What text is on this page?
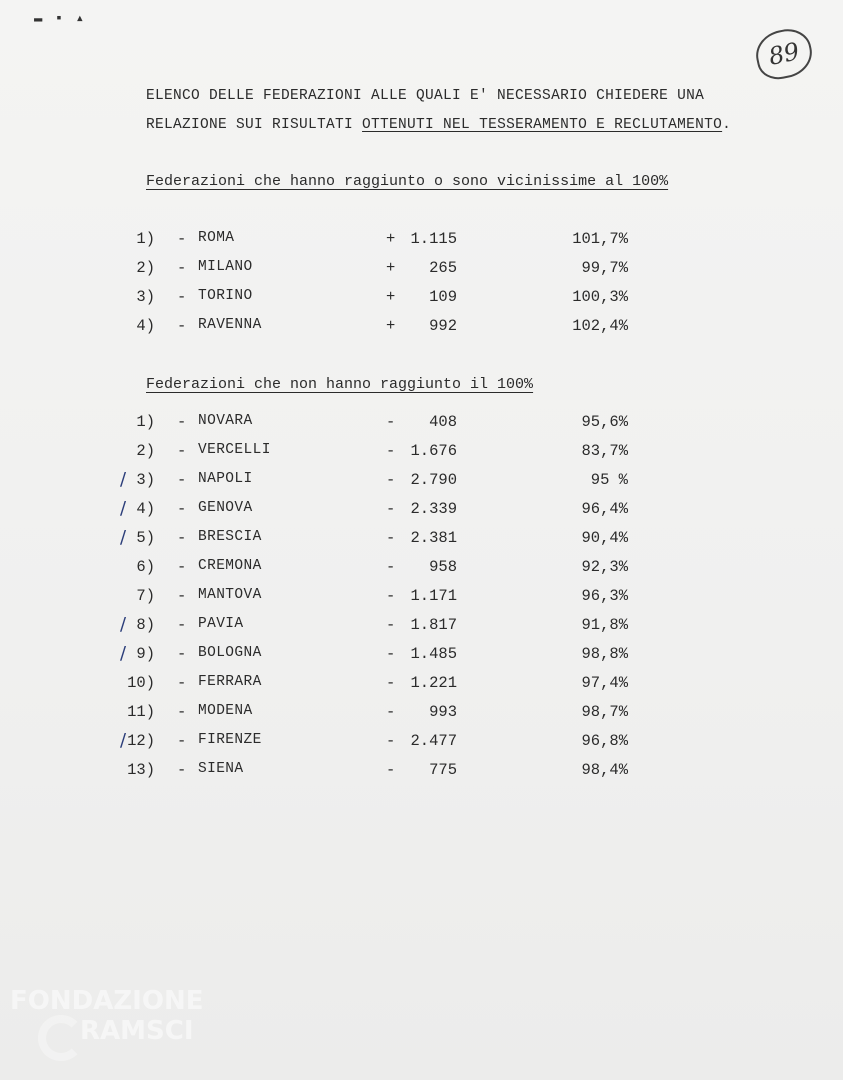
▬ ▪ ▴
89
ELENCO DELLE FEDERAZIONI ALLE QUALI E' NECESSARIO CHIEDERE UNA
RELAZIONE SUI RISULTATI OTTENUTI NEL TESSERAMENTO E RECLUTAMENTO.
Federazioni che hanno raggiunto o sono vicinissime al 100%
1) - ROMA	+ 1.115	101,7%
2) - MILANO	+ 265	99,7%
3) - TORINO	+ 109	100,3%
4) - RAVENNA	+ 992	102,4%
Federazioni che non hanno raggiunto il 100%
1) - NOVARA	- 408	95,6%
2) - VERCELLI	- 1.676	83,7%
/ 3) - NAPOLI	- 2.790	95 %
/ 4) - GENOVA	- 2.339	96,4%
/ 5) - BRESCIA	- 2.381	90,4%
6) - CREMONA	- 958	92,3%
7) - MANTOVA	- 1.171	96,3%
/ 8) - PAVIA	- 1.817	91,8%
/ 9) - BOLOGNA	- 1.485	98,8%
10) - FERRARA	- 1.221	97,4%
11) - MODENA	- 993	98,7%
/ 12) - FIRENZE	- 2.477	96,8%
13) - SIENA	- 775	98,4%
FONDAZIONE
RAMSCI
